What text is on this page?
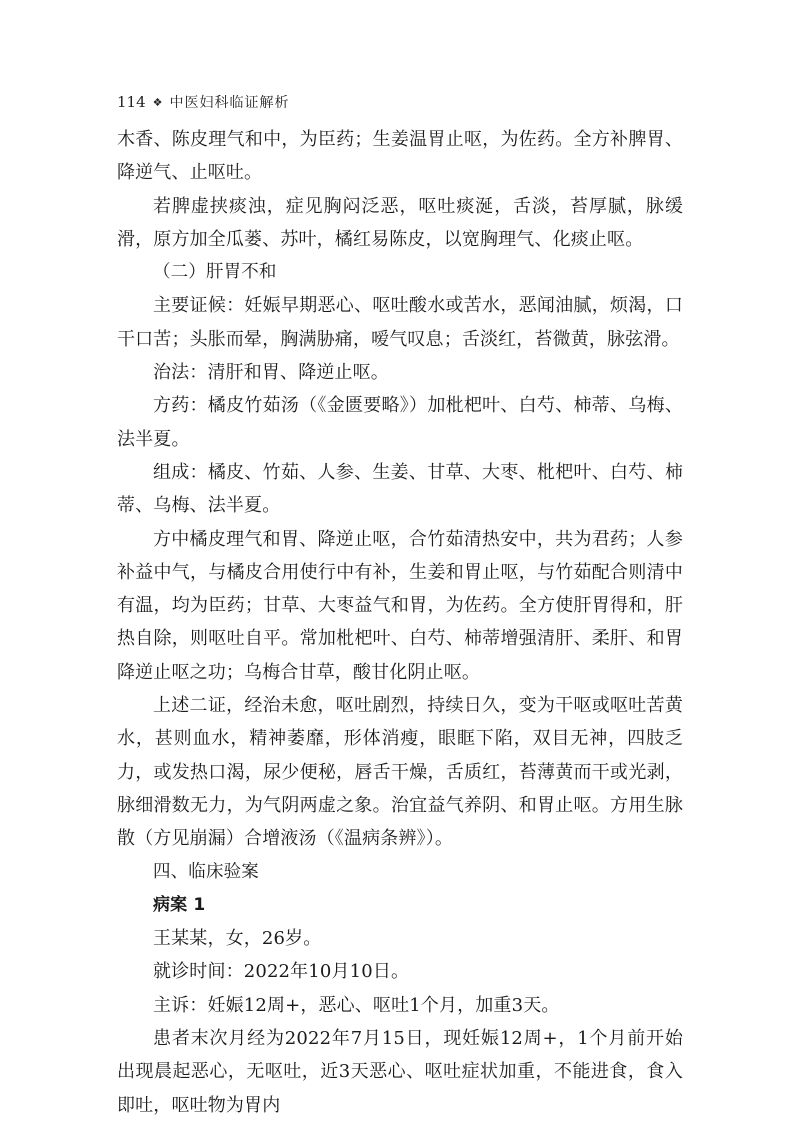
114 ❖ 中医妇科临证解析

木香、陈皮理气和中，为臣药；生姜温胃止呕，为佐药。全方补脾胃、降逆气、止呕吐。

若脾虚挟痰浊，症见胸闷泛恶，呕吐痰涎，舌淡，苔厚腻，脉缓滑，原方加全瓜蒌、苏叶，橘红易陈皮，以宽胸理气、化痰止呕。

（二）肝胃不和

主要证候：妊娠早期恶心、呕吐酸水或苦水，恶闻油腻，烦渴，口干口苦；头胀而晕，胸满胁痛，嗳气叹息；舌淡红，苔微黄，脉弦滑。

治法：清肝和胃、降逆止呕。

方药：橘皮竹茹汤（《金匮要略》）加枇杷叶、白芍、柿蒂、乌梅、法半夏。

组成：橘皮、竹茹、人参、生姜、甘草、大枣、枇杷叶、白芍、柿蒂、乌梅、法半夏。

方中橘皮理气和胃、降逆止呕，合竹茹清热安中，共为君药；人参补益中气，与橘皮合用使行中有补，生姜和胃止呕，与竹茹配合则清中有温，均为臣药；甘草、大枣益气和胃，为佐药。全方使肝胃得和，肝热自除，则呕吐自平。常加枇杷叶、白芍、柿蒂增强清肝、柔肝、和胃降逆止呕之功；乌梅合甘草，酸甘化阴止呕。

上述二证，经治未愈，呕吐剧烈，持续日久，变为干呕或呕吐苦黄水，甚则血水，精神萎靡，形体消瘦，眼眶下陷，双目无神，四肢乏力，或发热口渴，尿少便秘，唇舌干燥，舌质红，苔薄黄而干或光剥，脉细滑数无力，为气阴两虚之象。治宜益气养阴、和胃止呕。方用生脉散（方见崩漏）合增液汤（《温病条辨》）。

四、临床验案

病案 1

王某某，女，26岁。

就诊时间：2022年10月10日。

主诉：妊娠12周+，恶心、呕吐1个月，加重3天。

患者末次月经为2022年7月15日，现妊娠12周+，1个月前开始出现晨起恶心，无呕吐，近3天恶心、呕吐症状加重，不能进食，食入即吐，呕吐物为胃内
